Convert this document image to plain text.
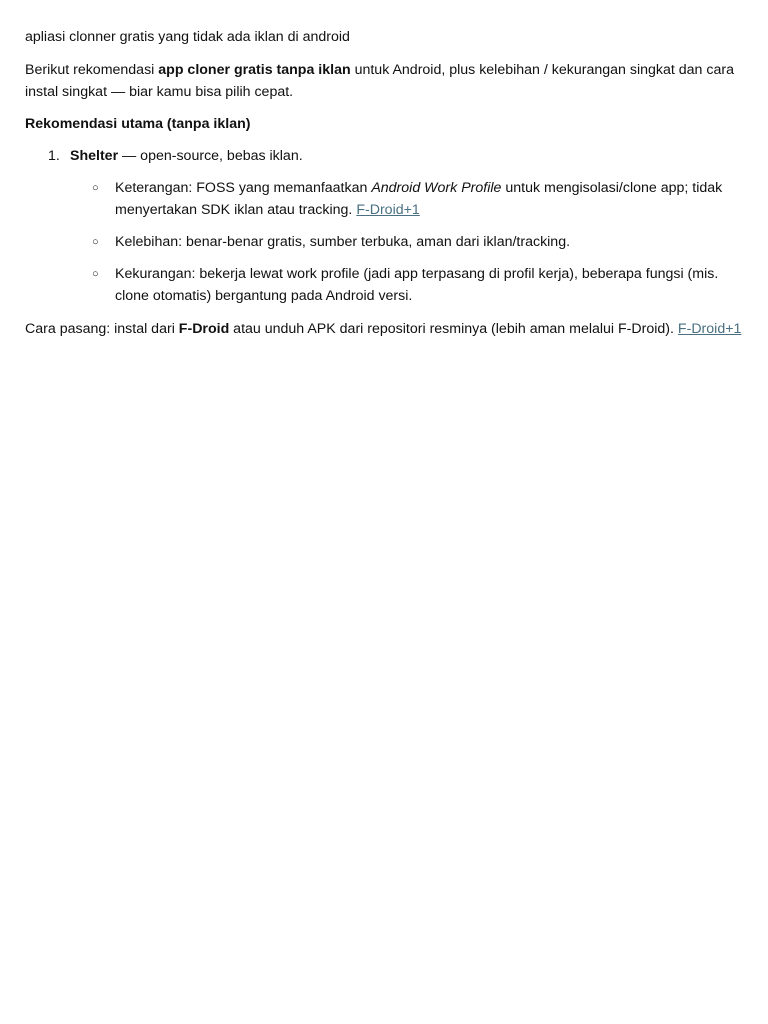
apliasi clonner gratis yang tidak ada iklan di android

Berikut rekomendasi app cloner gratis tanpa iklan untuk Android, plus kelebihan / kekurangan singkat dan cara instal singkat — biar kamu bisa pilih cepat.

Rekomendasi utama (tanpa iklan)

1. Shelter — open-source, bebas iklan.
○ Keterangan: FOSS yang memanfaatkan Android Work Profile untuk mengisolasi/clone app; tidak menyertakan SDK iklan atau tracking. F-Droid+1
○ Kelebihan: benar-benar gratis, sumber terbuka, aman dari iklan/tracking.
○ Kekurangan: bekerja lewat work profile (jadi app terpasang di profil kerja), beberapa fungsi (mis. clone otomatis) bergantung pada Android versi.

Cara pasang: instal dari F-Droid atau unduh APK dari repositori resminya (lebih aman melalui F-Droid). F-Droid+1
